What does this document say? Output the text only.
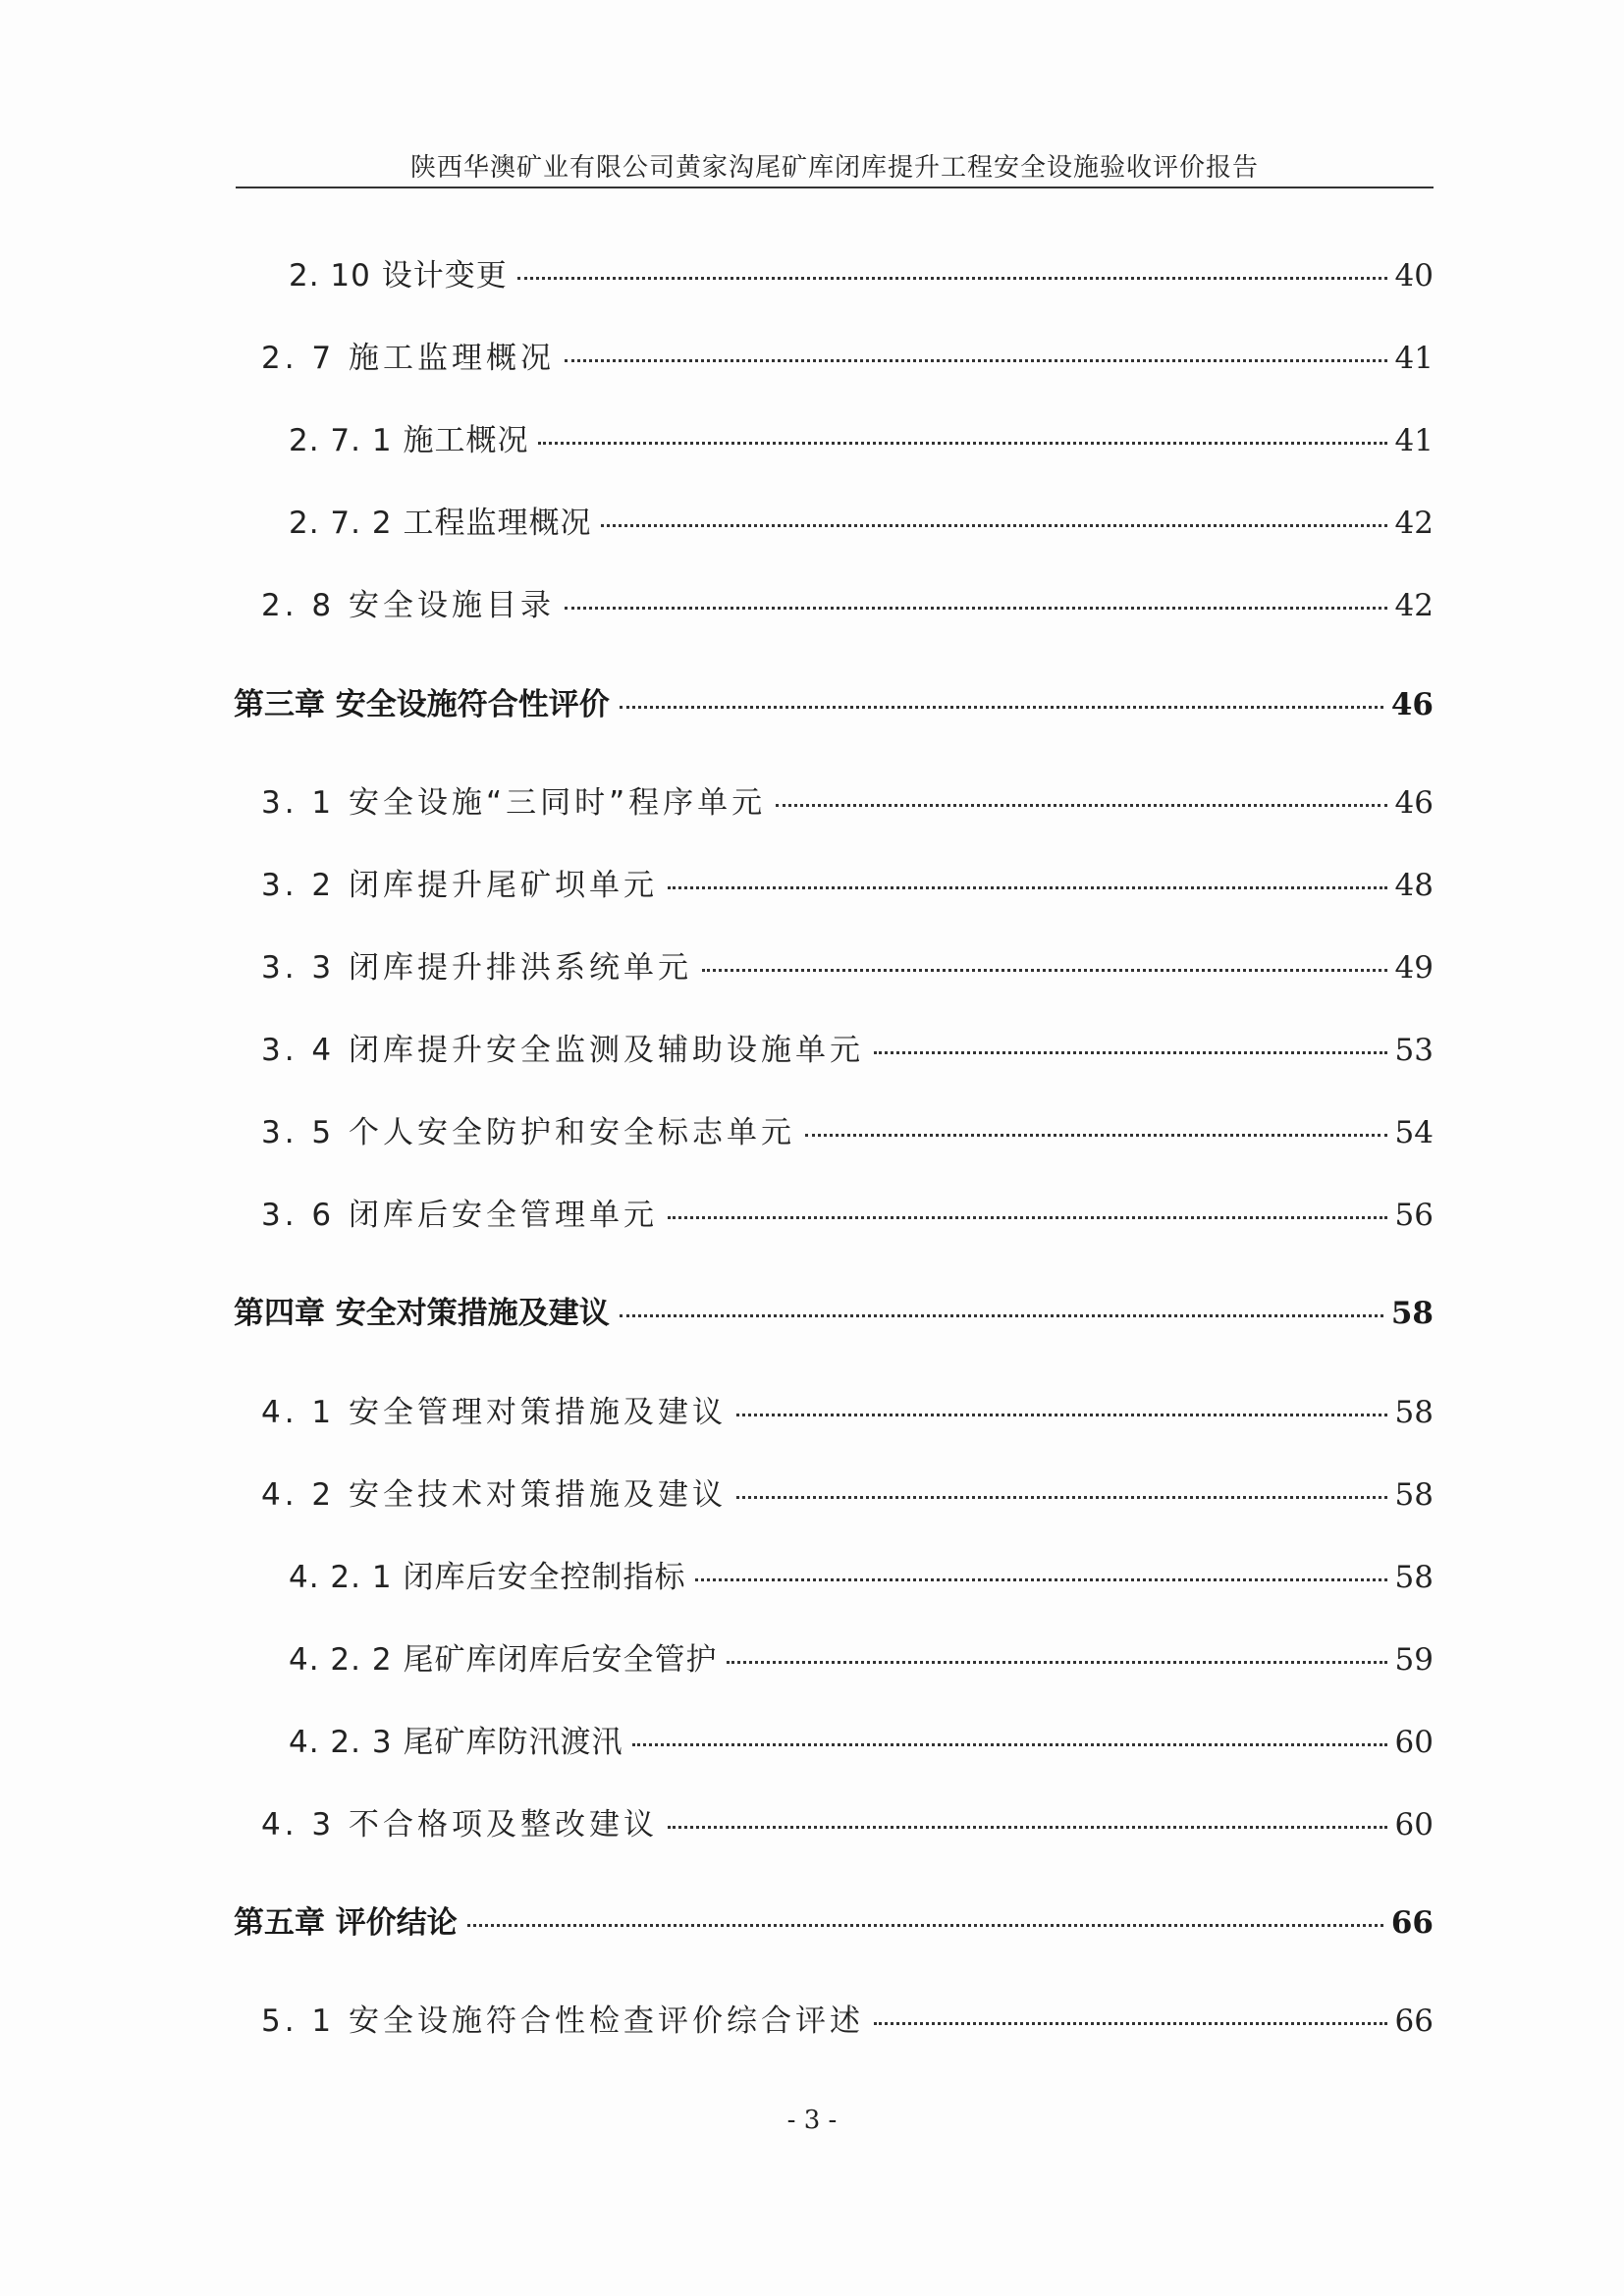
陕西华澳矿业有限公司黄家沟尾矿库闭库提升工程安全设施验收评价报告
2. 10 设计变更	40
2. 7 施工监理概况	41
2. 7. 1 施工概况	41
2. 7. 2 工程监理概况	42
2. 8 安全设施目录	42
第三章 安全设施符合性评价	46
3. 1 安全设施“三同时”程序单元	46
3. 2 闭库提升尾矿坝单元	48
3. 3 闭库提升排洪系统单元	49
3. 4 闭库提升安全监测及辅助设施单元	53
3. 5 个人安全防护和安全标志单元	54
3. 6 闭库后安全管理单元	56
第四章 安全对策措施及建议	58
4. 1 安全管理对策措施及建议	58
4. 2 安全技术对策措施及建议	58
4. 2. 1 闭库后安全控制指标	58
4. 2. 2 尾矿库闭库后安全管护	59
4. 2. 3 尾矿库防汛渡汛	60
4. 3 不合格项及整改建议	60
第五章 评价结论	66
5. 1 安全设施符合性检查评价综合评述	66
- 3 -
